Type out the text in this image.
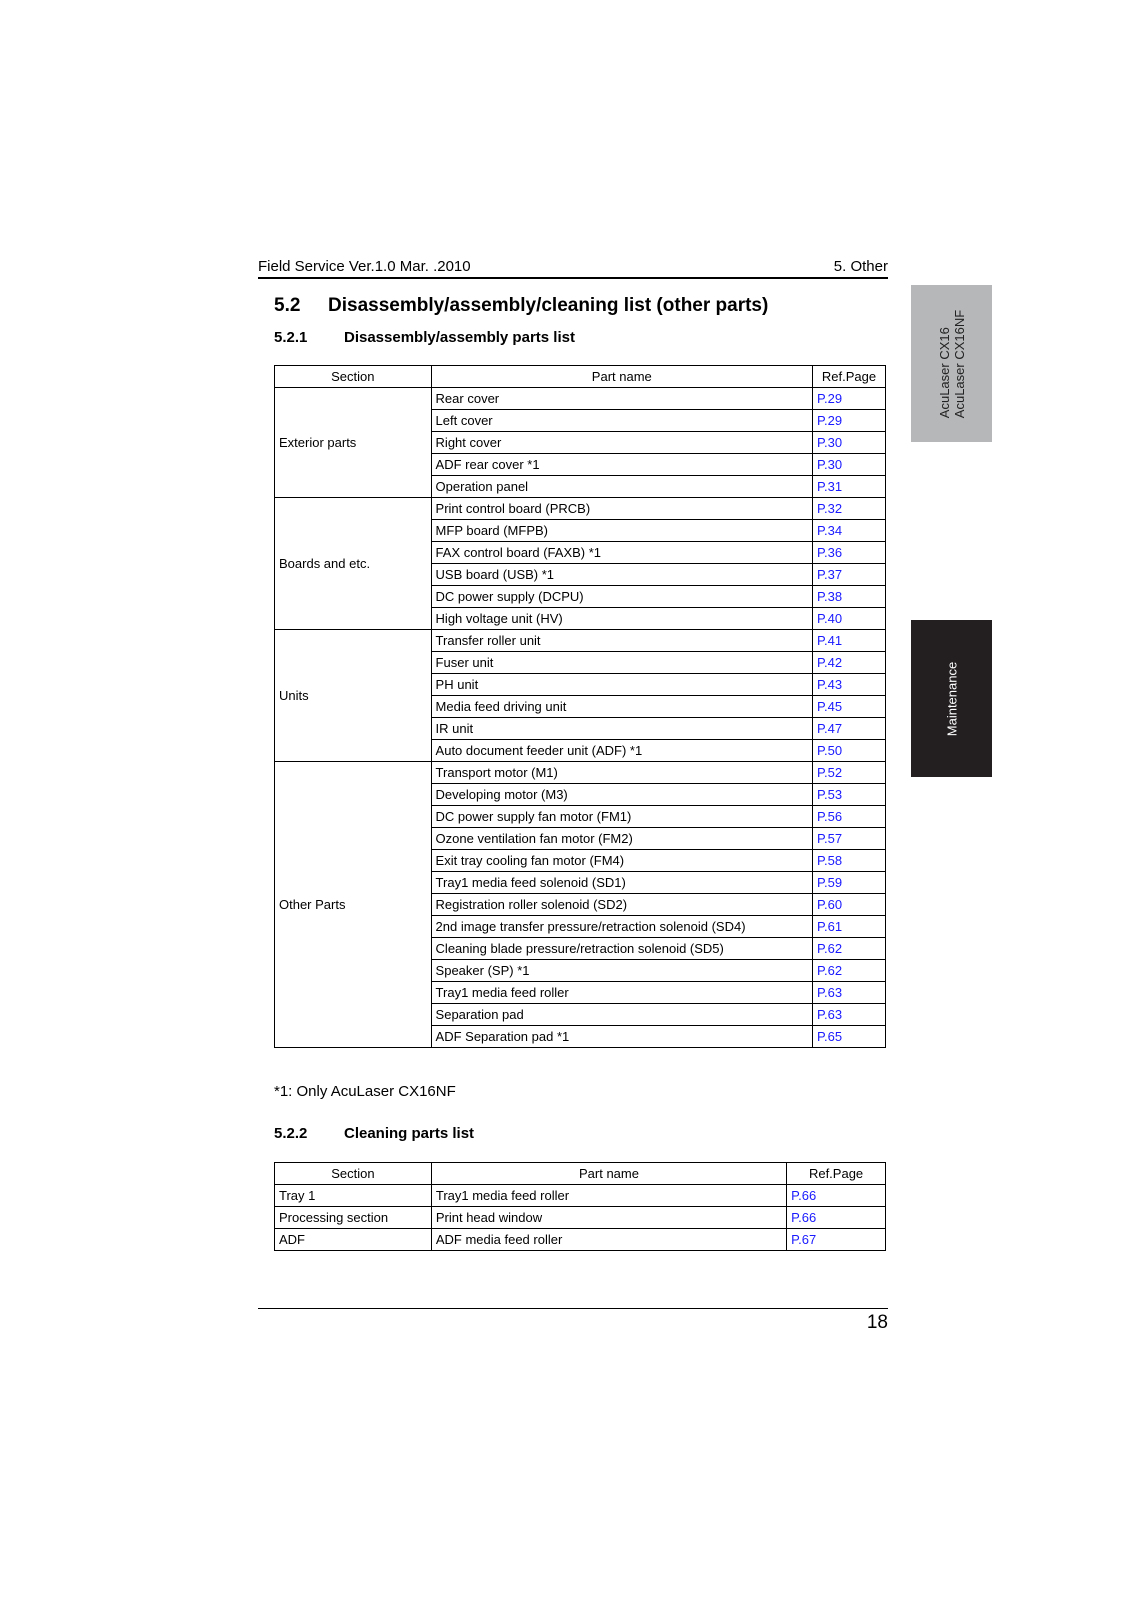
Field Service Ver.1.0 Mar. .2010	5. Other
5.2 Disassembly/assembly/cleaning list (other parts)
5.2.1 Disassembly/assembly parts list
Section	Part name	Ref.Page
Exterior parts	Rear cover	P.29
	Left cover	P.29
	Right cover	P.30
	ADF rear cover *1	P.30
	Operation panel	P.31
Boards and etc.	Print control board (PRCB)	P.32
	MFP board (MFPB)	P.34
	FAX control board (FAXB) *1	P.36
	USB board (USB) *1	P.37
	DC power supply (DCPU)	P.38
	High voltage unit (HV)	P.40
Units	Transfer roller unit	P.41
	Fuser unit	P.42
	PH unit	P.43
	Media feed driving unit	P.45
	IR unit	P.47
	Auto document feeder unit (ADF) *1	P.50
Other Parts	Transport motor (M1)	P.52
	Developing motor (M3)	P.53
	DC power supply fan motor (FM1)	P.56
	Ozone ventilation fan motor (FM2)	P.57
	Exit tray cooling fan motor (FM4)	P.58
	Tray1 media feed solenoid (SD1)	P.59
	Registration roller solenoid (SD2)	P.60
	2nd image transfer pressure/retraction solenoid (SD4)	P.61
	Cleaning blade pressure/retraction solenoid (SD5)	P.62
	Speaker (SP) *1	P.62
	Tray1 media feed roller	P.63
	Separation pad	P.63
	ADF Separation pad *1	P.65
*1: Only AcuLaser CX16NF
5.2.2 Cleaning parts list
Section	Part name	Ref.Page
Tray 1	Tray1 media feed roller	P.66
Processing section	Print head window	P.66
ADF	ADF media feed roller	P.67
18
AcuLaser CX16 AcuLaser CX16NF
Maintenance
